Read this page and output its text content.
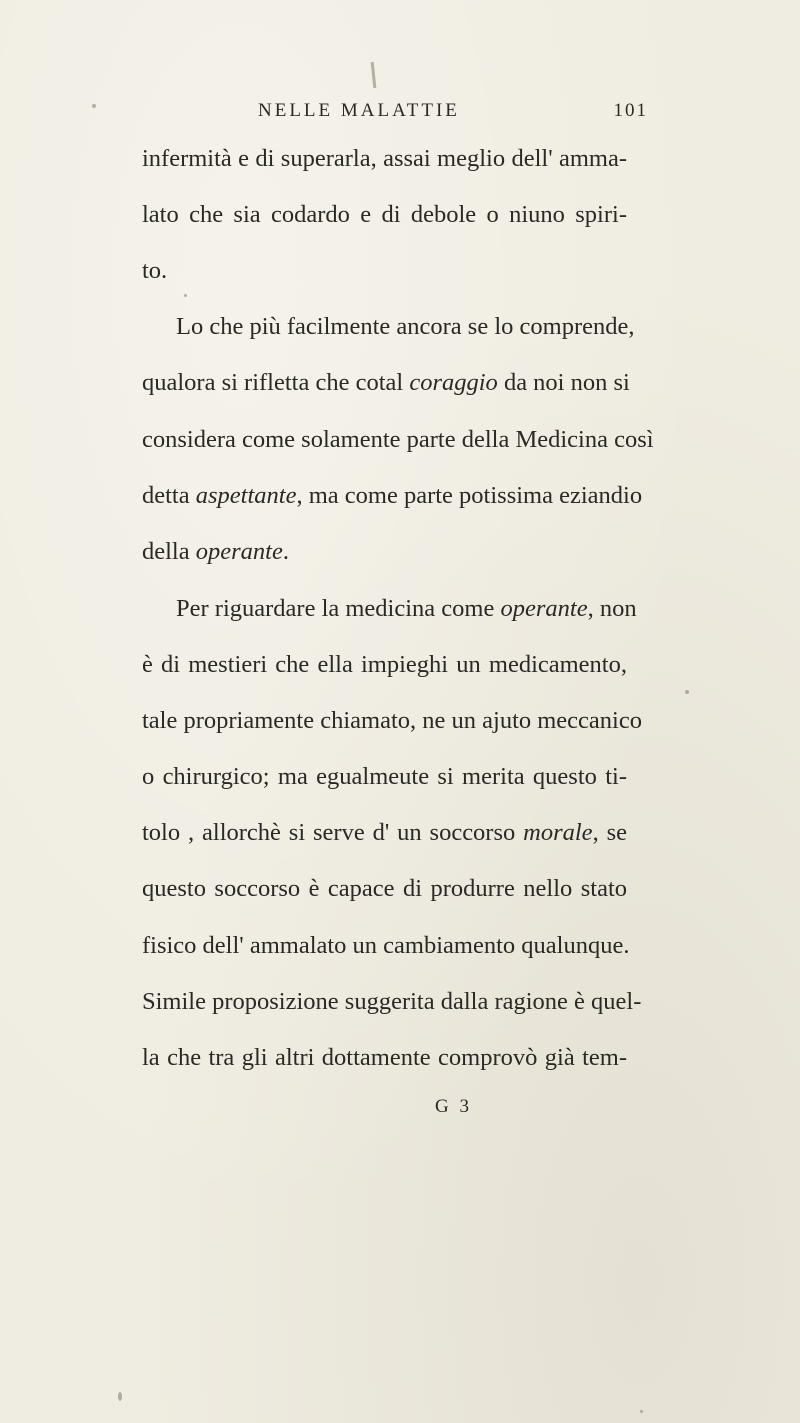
NELLE MALATTIE	101
infermità e di superarla, assai meglio dell' amma-
lato che sia codardo e di debole o niuno spiri-
to.
Lo che più facilmente ancora se lo comprende,
qualora si rifletta che cotal coraggio da noi non si
considera come solamente parte della Medicina così
detta aspettante, ma come parte potissima eziandio
della operante.
Per riguardare la medicina come operante, non
è di mestieri che ella impieghi un medicamento,
tale propriamente chiamato, ne un ajuto meccanico
o chirurgico; ma egualmeute si merita questo ti-
tolo , allorchè si serve d' un soccorso morale, se
questo soccorso è capace di produrre nello stato
fisico dell' ammalato un cambiamento qualunque.
Simile proposizione suggerita dalla ragione è quel-
la che tra gli altri dottamente comprovò già tem-
G 3
